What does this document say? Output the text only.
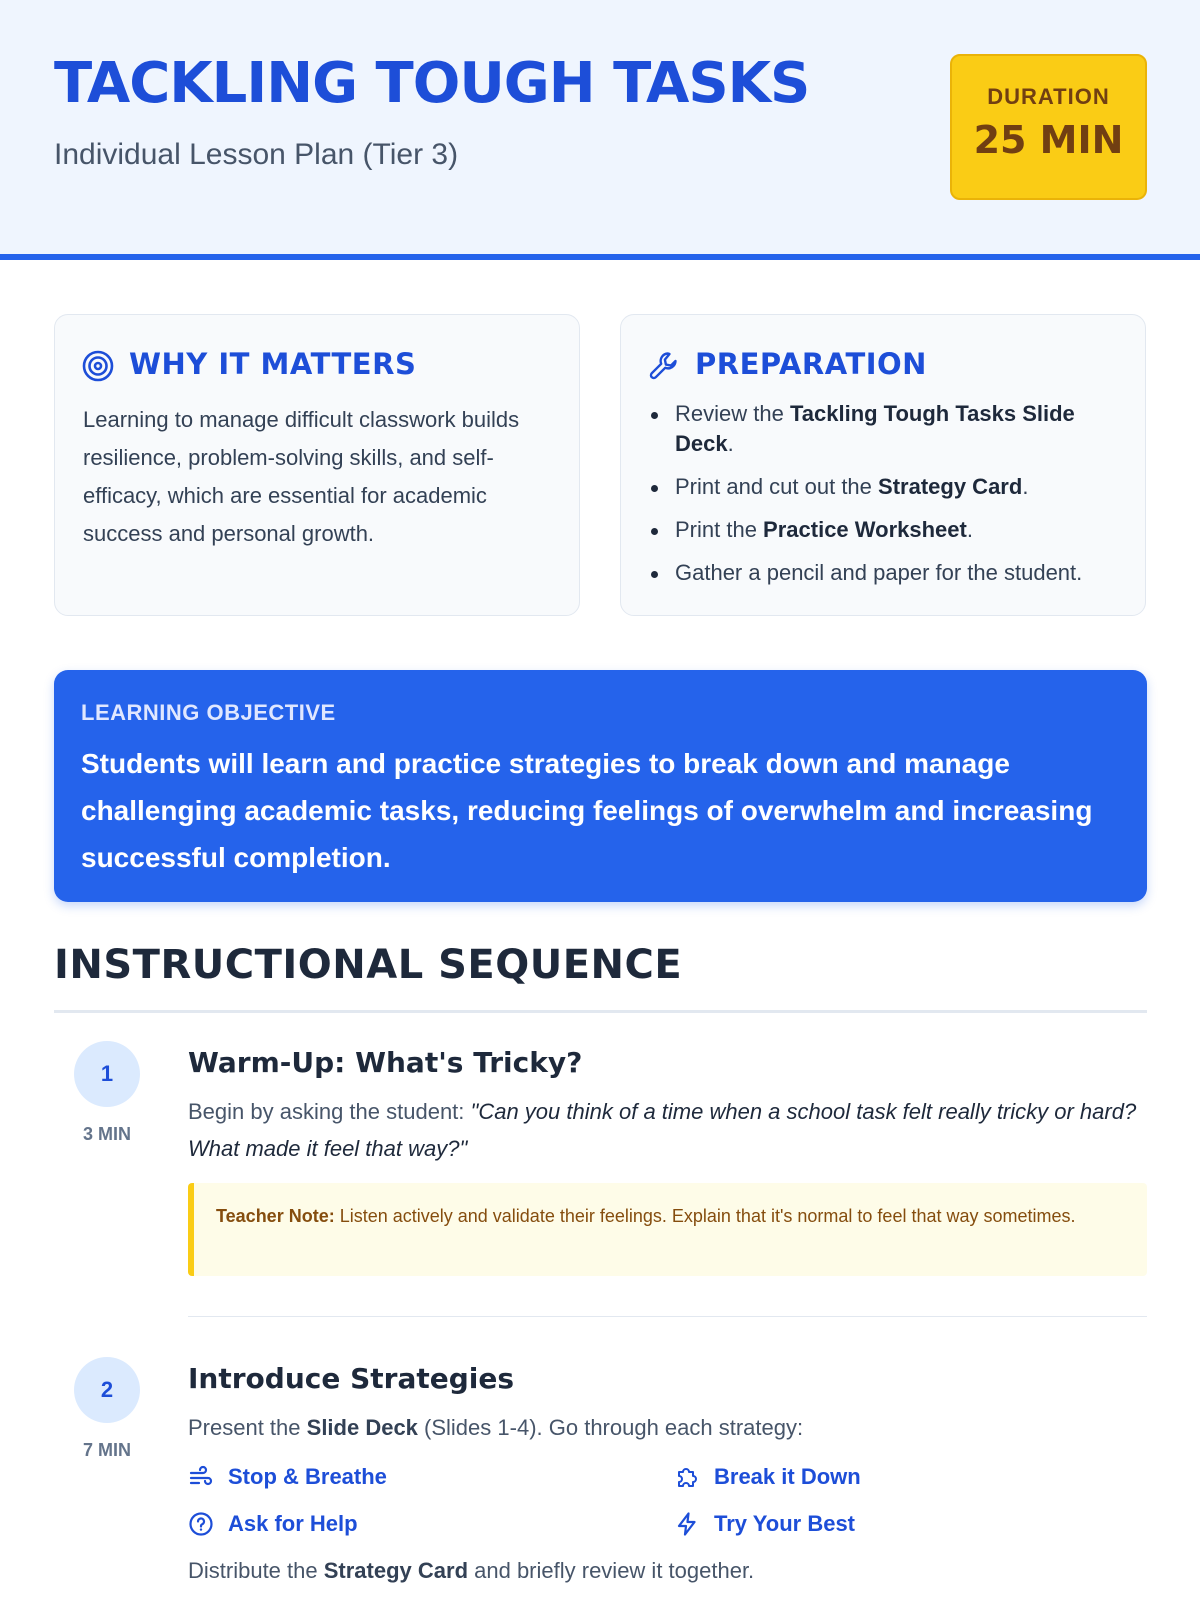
TACKLING TOUGH TASKS
Individual Lesson Plan (Tier 3)
DURATION
25 MIN
WHY IT MATTERS
Learning to manage difficult classwork builds resilience, problem-solving skills, and self-efficacy, which are essential for academic success and personal growth.
PREPARATION
Review the Tackling Tough Tasks Slide Deck.
Print and cut out the Strategy Card.
Print the Practice Worksheet.
Gather a pencil and paper for the student.
LEARNING OBJECTIVE
Students will learn and practice strategies to break down and manage challenging academic tasks, reducing feelings of overwhelm and increasing successful completion.
INSTRUCTIONAL SEQUENCE
1
3 MIN
Warm-Up: What's Tricky?
Begin by asking the student: "Can you think of a time when a school task felt really tricky or hard? What made it feel that way?"
Teacher Note: Listen actively and validate their feelings. Explain that it's normal to feel that way sometimes.
2
7 MIN
Introduce Strategies
Present the Slide Deck (Slides 1-4). Go through each strategy:
Stop & Breathe	Break it Down
Ask for Help	Try Your Best
Distribute the Strategy Card and briefly review it together.
